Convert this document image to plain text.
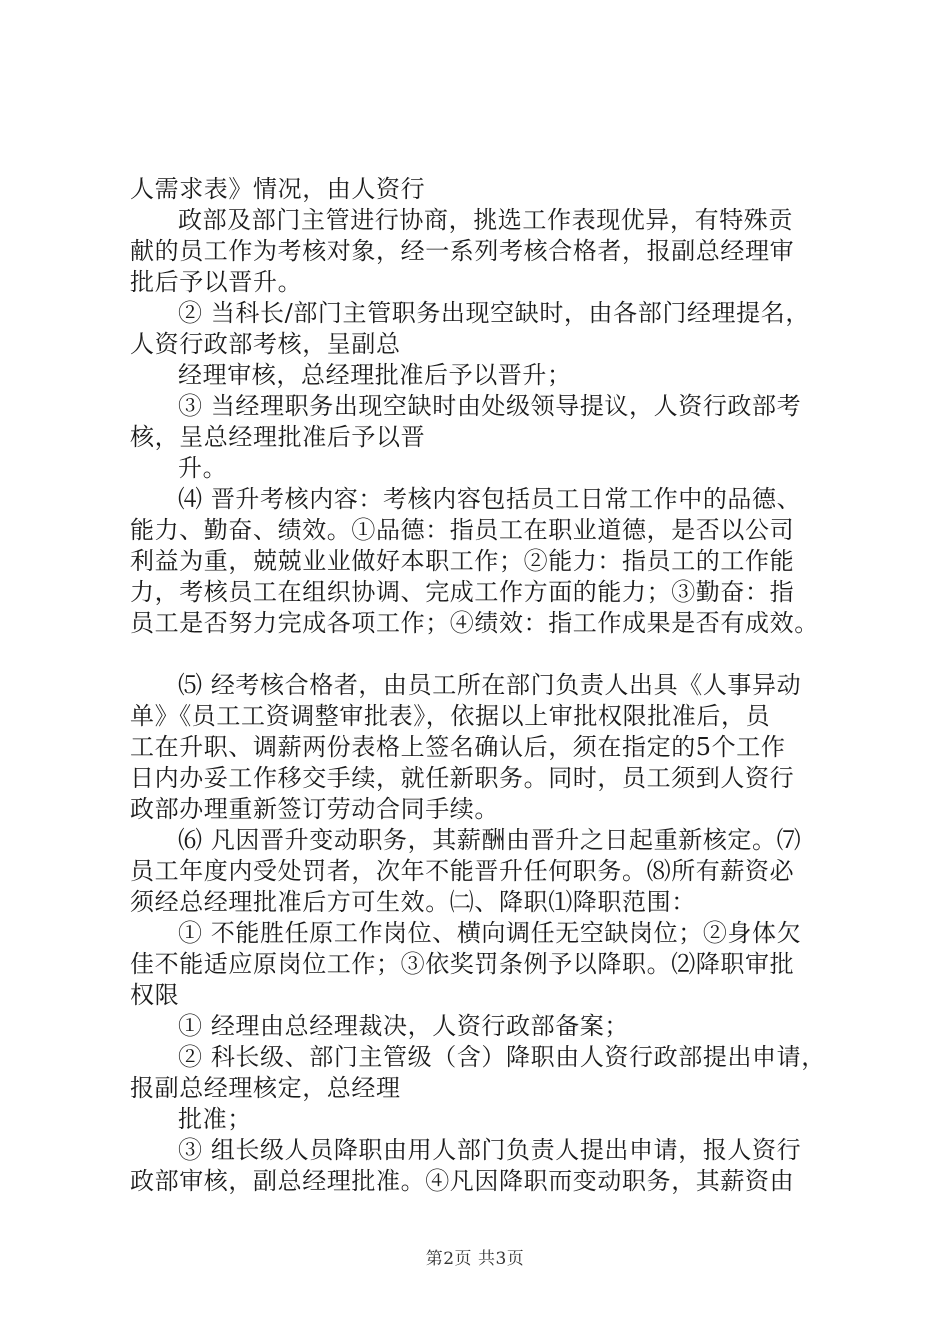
人需求表》情况，由人资行
政部及部门主管进行协商，挑选工作表现优异，有特殊贡
献的员工作为考核对象，经一系列考核合格者，报副总经理审
批后予以晋升。
② 当科长/部门主管职务出现空缺时，由各部门经理提名，
人资行政部考核，呈副总
经理审核，总经理批准后予以晋升；
③ 当经理职务出现空缺时由处级领导提议，人资行政部考
核，呈总经理批准后予以晋
升。
⑷ 晋升考核内容：考核内容包括员工日常工作中的品德、
能力、勤奋、绩效。①品德：指员工在职业道德，是否以公司
利益为重，兢兢业业做好本职工作；②能力：指员工的工作能
力，考核员工在组织协调、完成工作方面的能力；③勤奋：指
员工是否努力完成各项工作；④绩效：指工作成果是否有成效。
⑸ 经考核合格者，由员工所在部门负责人出具《人事异动
单》《员工工资调整审批表》，依据以上审批权限批准后，员
工在升职、调薪两份表格上签名确认后，须在指定的5个工作
日内办妥工作移交手续，就任新职务。同时，员工须到人资行
政部办理重新签订劳动合同手续。
⑹ 凡因晋升变动职务，其薪酬由晋升之日起重新核定。⑺
员工年度内受处罚者，次年不能晋升任何职务。⑻所有薪资必
须经总经理批准后方可生效。㈡、降职⑴降职范围：
① 不能胜任原工作岗位、横向调任无空缺岗位；②身体欠
佳不能适应原岗位工作；③依奖罚条例予以降职。⑵降职审批
权限
① 经理由总经理裁决，人资行政部备案；
② 科长级、部门主管级（含）降职由人资行政部提出申请，
报副总经理核定，总经理
批准；
③ 组长级人员降职由用人部门负责人提出申请，报人资行
政部审核，副总经理批准。④凡因降职而变动职务，其薪资由
第2页 共3页
